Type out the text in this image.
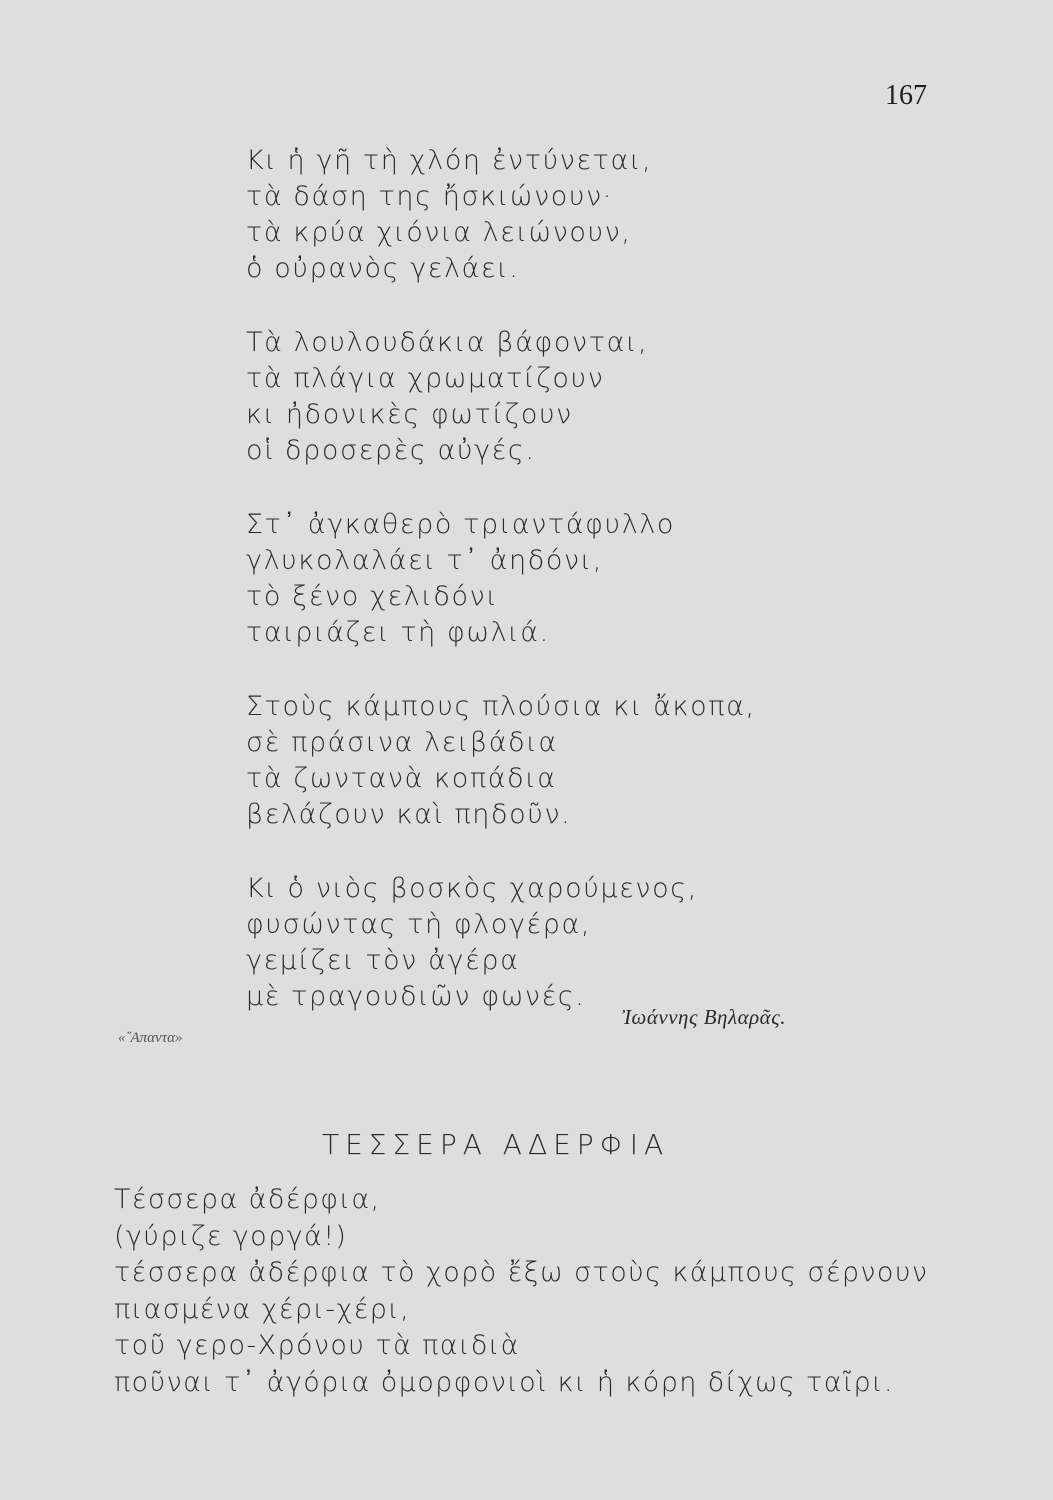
167
Κι ἡ γῆ τὴ χλόη ἐντύνεται,
τὰ δάση της ἤσκιώνουν·
τὰ κρύα χιόνια λειώνουν,
ὁ οὐρανὸς γελάει.
Τὰ λουλουδάκια βάφονται,
τὰ πλάγια χρωματίζουν
κι ἠδονικὲς φωτίζουν
οἱ δροσερὲς αὐγές.
Στ᾽ ἀγκαθερὸ τριαντάφυλλο
γλυκολαλάει τ᾽ ἀηδόνι,
τὸ ξένο χελιδόνι
ταιριάζει τὴ φωλιά.
Στοὺς κάμπους πλούσια κι ἄκοπα,
σὲ πράσινα λειβάδια
τὰ ζωντανὰ κοπάδια
βελάζουν καὶ πηδοῦν.
Κι ὁ νιὸς βοσκὸς χαρούμενος,
φυσώντας τὴ φλογέρα,
γεμίζει τὸν ἀγέρα
μὲ τραγουδιῶν φωνές.
Ἰωάννης Βηλαρᾶς.
«῎Απαντα»
ΤΕΣΣΕΡΑ ΑΔΕΡΦΙΑ
Τέσσερα ἀδέρφια,
(γύριζε γοργά!)
τέσσερα ἀδέρφια τὸ χορὸ ἔξω στοὺς κάμπους σέρνουν
πιασμένα χέρι-χέρι,
τοῦ γερο-Χρόνου τὰ παιδιὰ
ποῦναι τ᾽ ἀγόρια ὀμορφονιοὶ κι ἡ κόρη δίχως ταῖρι.
